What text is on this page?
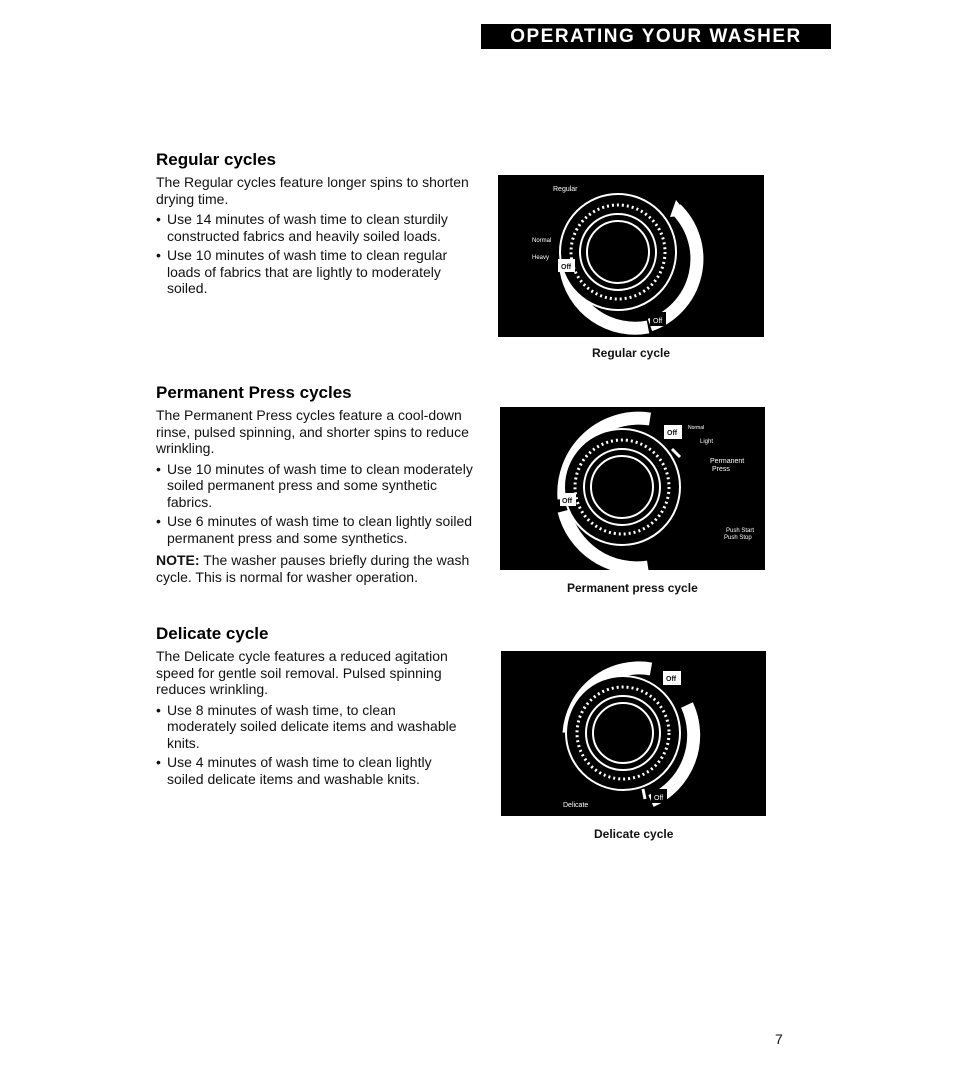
OPERATING YOUR WASHER
Regular cycles

The Regular cycles feature longer spins to shorten drying time.

• Use 14 minutes of wash time to clean sturdily constructed fabrics and heavily soiled loads.
• Use 10 minutes of wash time to clean regular loads of fabrics that are lightly to moderately soiled.
Regular
Normal
Heavy
Off
Off
Regular cycle
Permanent Press cycles

The Permanent Press cycles feature a cool-down rinse, pulsed spinning, and shorter spins to reduce wrinkling.

• Use 10 minutes of wash time to clean moderately soiled permanent press and some synthetic fabrics.
• Use 6 minutes of wash time to clean lightly soiled permanent press and some synthetics.

NOTE: The washer pauses briefly during the wash cycle. This is normal for washer operation.

Off
Normal
Light
Permanent
Press
Push Start
Push Stop
Off
Permanent press cycle
Delicate cycle

The Delicate cycle features a reduced agitation speed for gentle soil removal. Pulsed spinning reduces wrinkling.

• Use 8 minutes of wash time, to clean moderately soiled delicate items and washable knits.
• Use 4 minutes of wash time to clean lightly soiled delicate items and washable knits.
Off
Delicate
Off
Delicate cycle
7
